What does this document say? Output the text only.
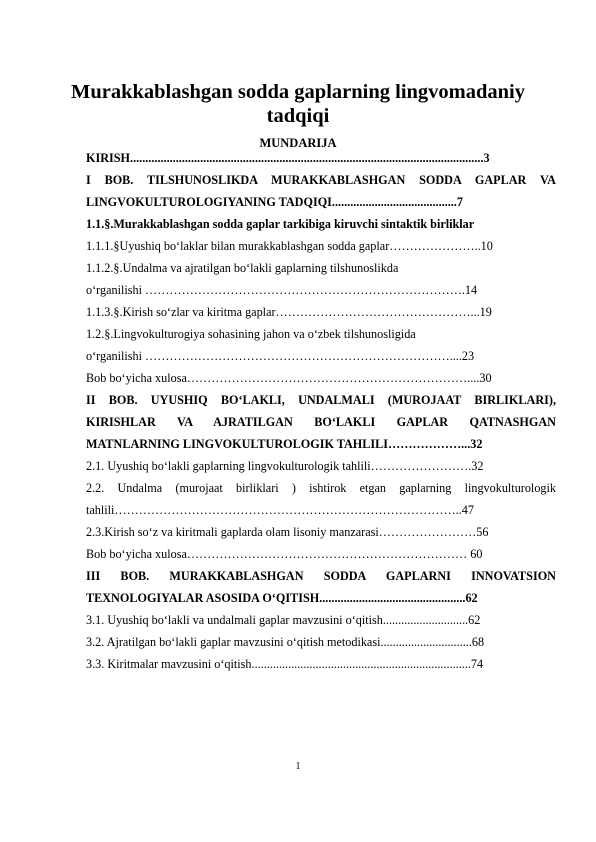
Murakkablashgan sodda gaplarning lingvomadaniy tadqiqi
MUNDARIJA
KIRISH....................................................................................................................3
I BOB. TILSHUNOSLIKDA MURAKKABLASHGAN SODDA GAPLAR VA
LINGVOKULTUROLOGIYANING TADQIQI.........................................7
1.1.§.Murakkablashgan sodda gaplar tarkibiga kiruvchi sintaktik birliklar
1.1.1.§Uyushiq bo‘laklar bilan murakkablashgan sodda gaplar…………………..10
1.1.2.§.Undalma va ajratilgan bo‘lakli gaplarning tilshunoslikda
o‘rganilishi …………………………………………………………………….14
1.1.3.§.Kirish so‘zlar va kiritma gaplar…………………………………………...19
1.2.§.Lingvokulturogiya sohasining jahon va o‘zbek tilshunosligida
o‘rganilishi …………………………………………………………………....23
Bob bo‘yicha xulosa……………………………………………………………....30
II BOB. UYUSHIQ BO‘LAKLI, UNDALMALI (MUROJAAT BIRLIKLARI),
KIRISHLAR VA AJRATILGAN BO‘LAKLI GAPLAR QATNASHGAN
MATNLARNING LINGVOKULTUROLOGIK TAHLILI………………...32
2.1. Uyushiq bo‘lakli gaplarning lingvokulturologik tahlili…………………….32
2.2. Undalma (murojaat birliklari ) ishtirok etgan gaplarning lingvokulturologik
tahlili…………………………………………………………………………..47
2.3.Kirish so‘z va kiritmali gaplarda olam lisoniy manzarasi……………………56
Bob bo‘yicha xulosa…………………………………………………………… 60
III BOB. MURAKKABLASHGAN SODDA GAPLARNI INNOVATSION
TEXNOLOGIYALAR ASOSIDA O‘QITISH................................................62
3.1. Uyushiq bo‘lakli va undalmali gaplar mavzusini o‘qitish............................62
3.2. Ajratilgan bo‘lakli gaplar mavzusini o‘qitish metodikasi..............................68
3.3. Kiritmalar mavzusini o‘qitish........................................................................74
1
